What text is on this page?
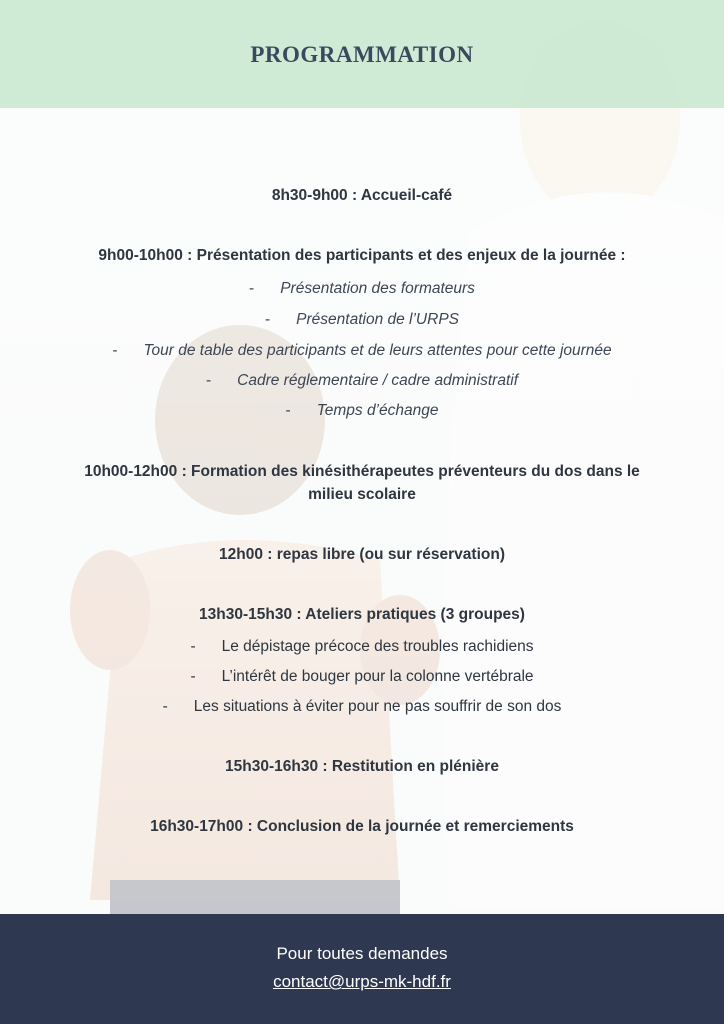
PROGRAMMATION
8h30-9h00 : Accueil-café
9h00-10h00 : Présentation des participants et des enjeux de la journée :
- Présentation des formateurs
- Présentation de l’URPS
- Tour de table des participants et de leurs attentes pour cette journée
- Cadre réglementaire / cadre administratif
- Temps d’échange
10h00-12h00 : Formation des kinésithérapeutes préventeurs du dos dans le
milieu scolaire
12h00 : repas libre (ou sur réservation)
13h30-15h30 : Ateliers pratiques (3 groupes)
- Le dépistage précoce des troubles rachidiens
- L’intérêt de bouger pour la colonne vertébrale
- Les situations à éviter pour ne pas souffrir de son dos
15h30-16h30 : Restitution en plénière
16h30-17h00 : Conclusion de la journée et remerciements
Pour toutes demandes
contact@urps-mk-hdf.fr
